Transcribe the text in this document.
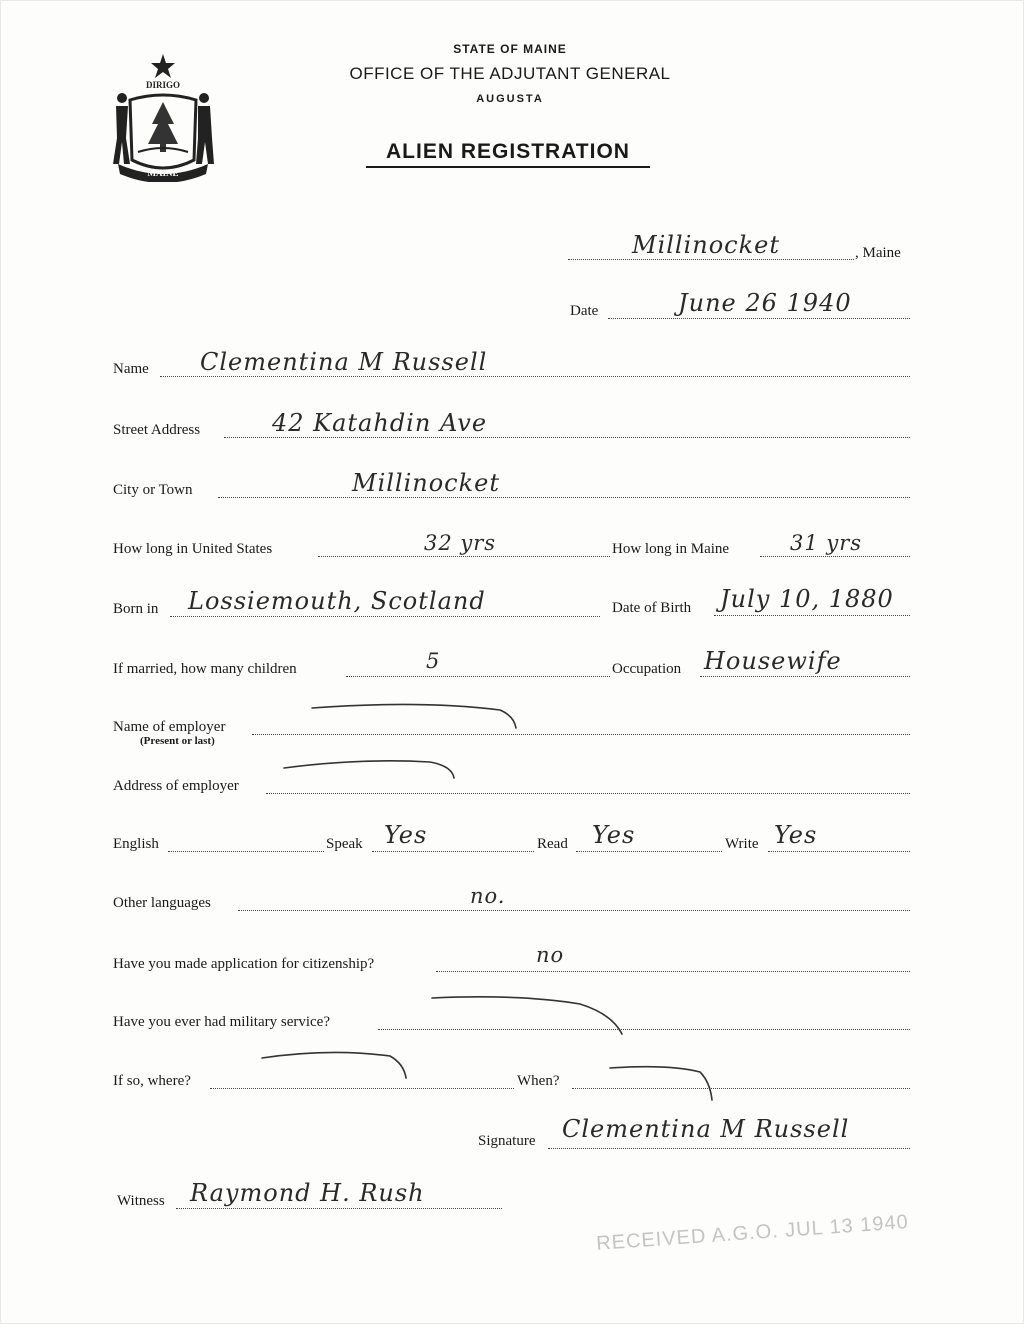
DIRIGO
MAINE
STATE OF MAINE
OFFICE OF THE ADJUTANT GENERAL
AUGUSTA
ALIEN REGISTRATION
Millinocket	, Maine
Date	June 26 1940
Name Clementina M Russell
Street Address	42 Katahdin Ave
City or Town	Millinocket
How long in United States	32 yrs	How long in Maine	31 yrs
Born in Lossiemouth, Scotland	Date of Birth July 10, 1880
If married, how many children	5	Occupation Housewife
Name of employer
(Present or last)
Address of employer
English	Speak Yes	Read Yes	Write Yes
Other languages	no.
Have you made application for citizenship?	no
Have you ever had military service?
If so, where?	When?
Signature Clementina M Russell
Witness Raymond H. Rush
RECEIVED A.G.O. JUL 13 1940
